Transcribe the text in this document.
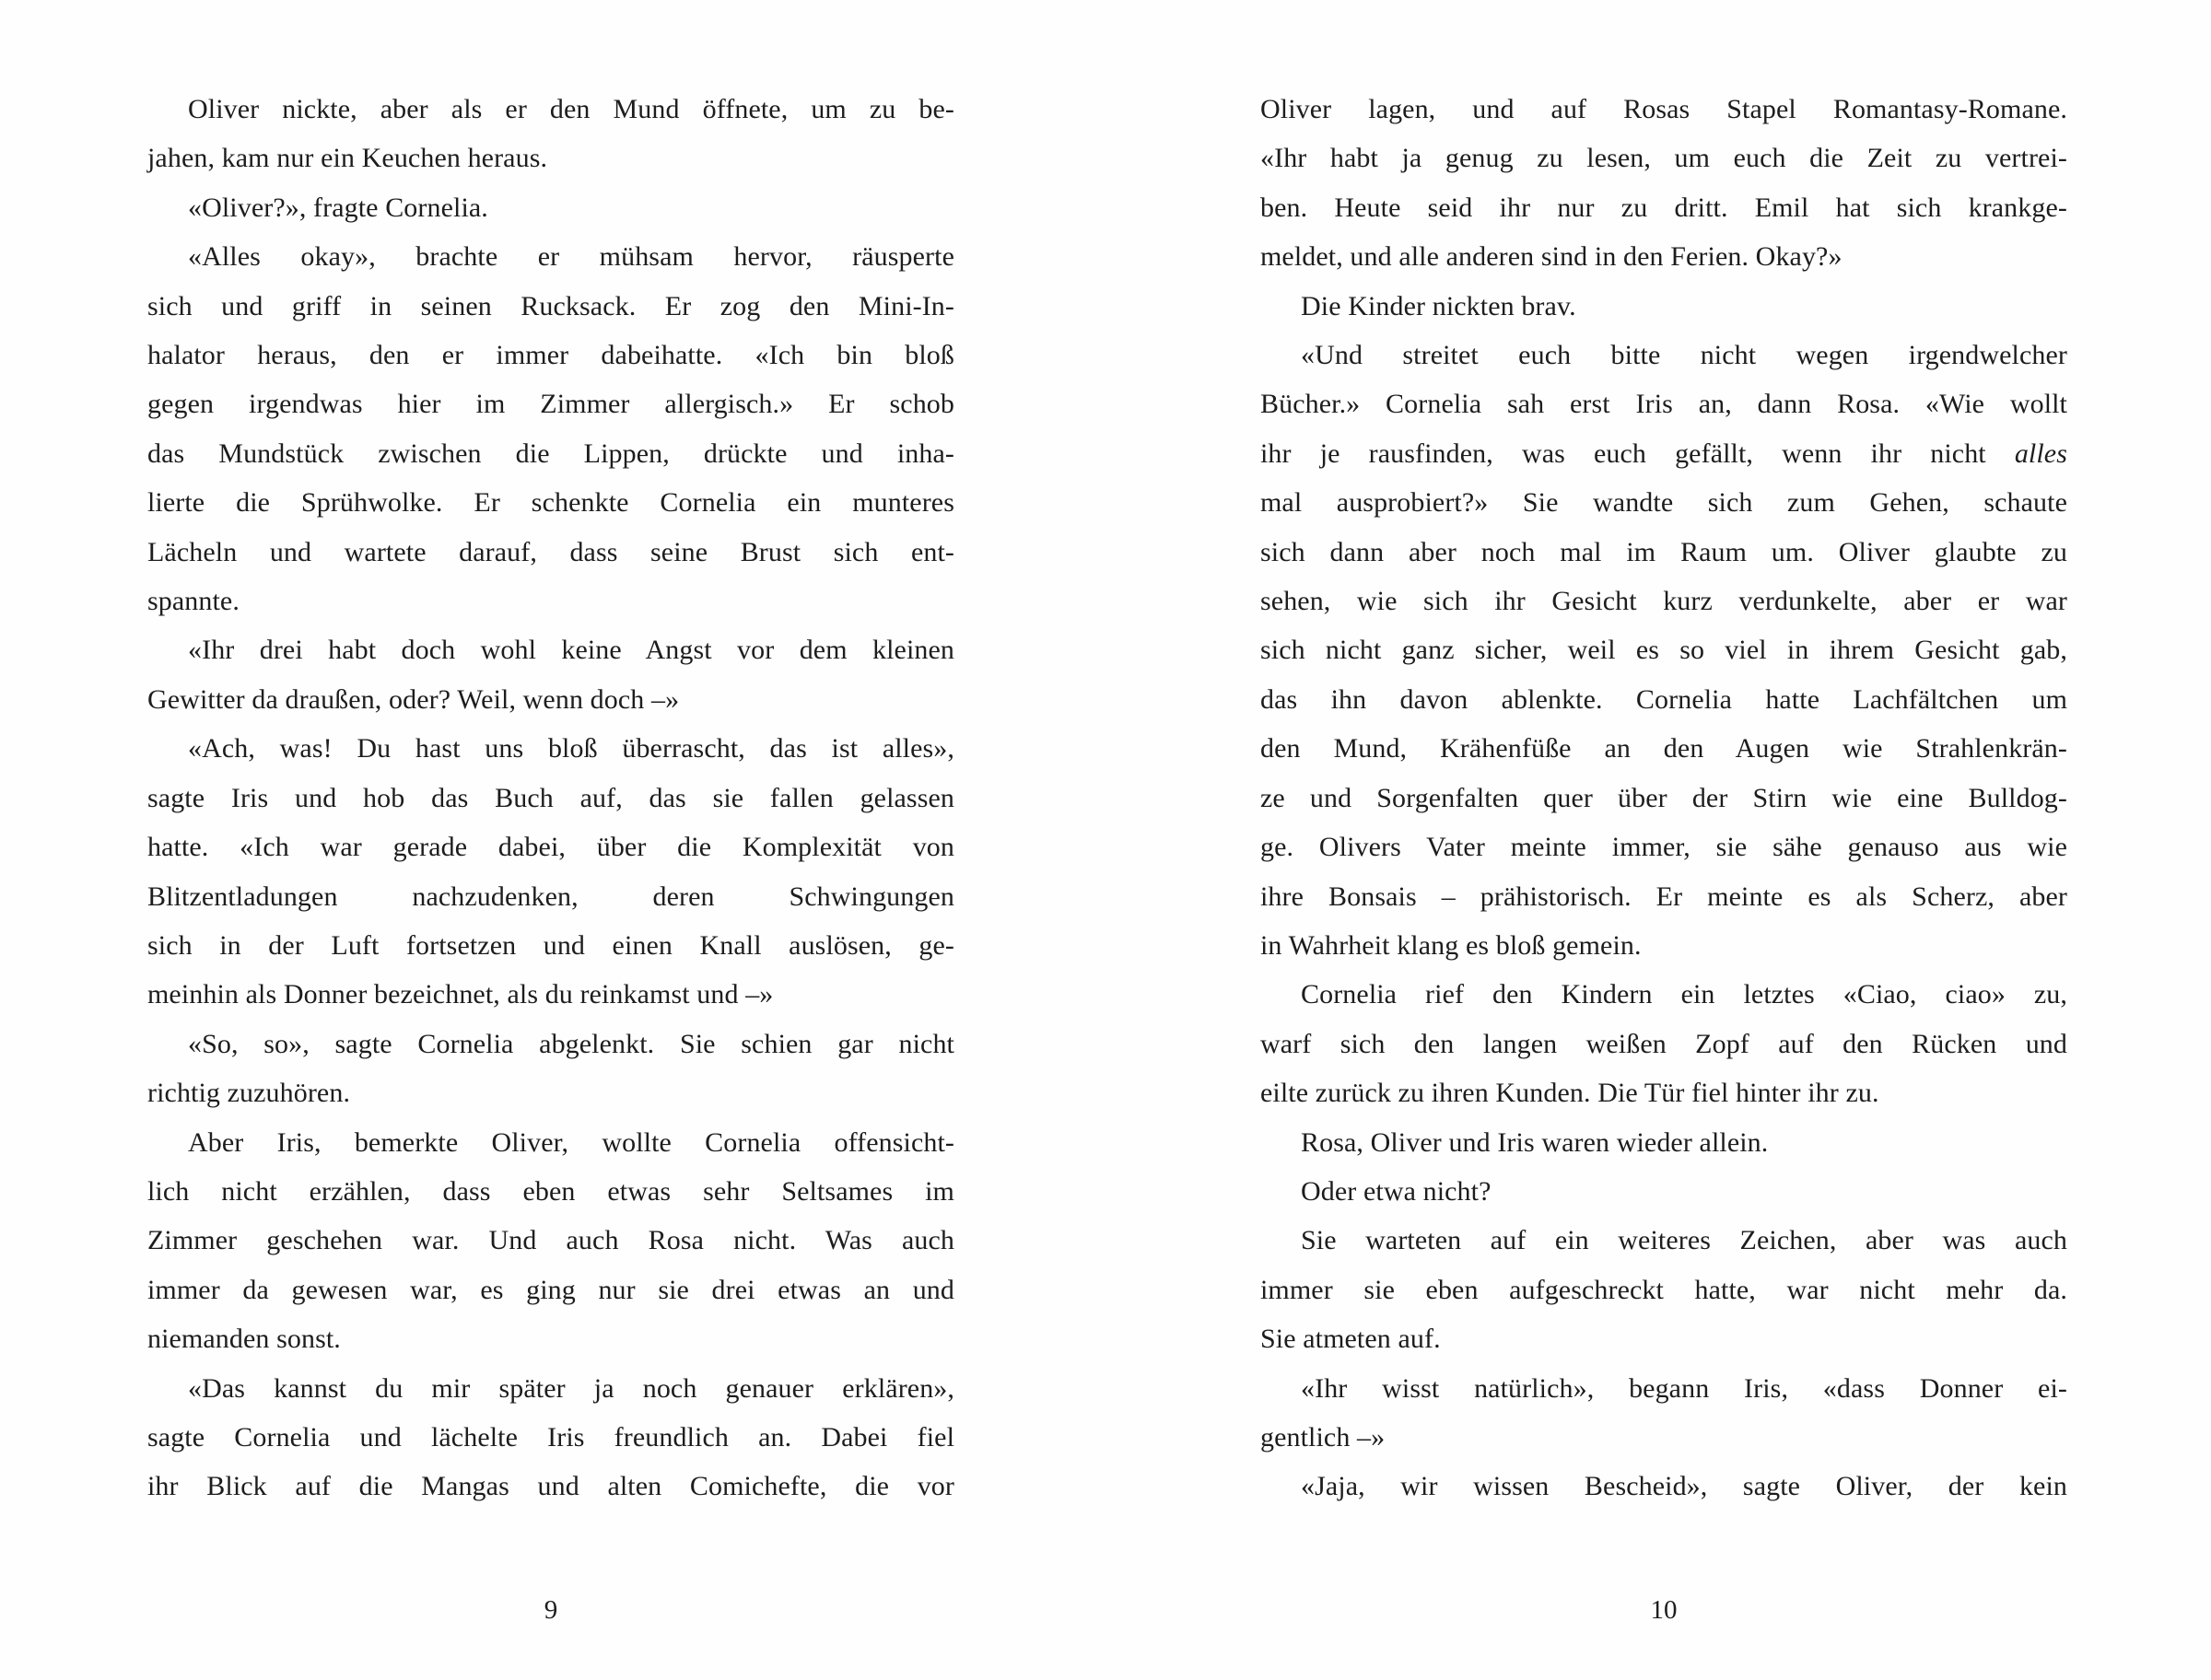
Oliver nickte, aber als er den Mund öffnete, um zu be-
jahen, kam nur ein Keuchen heraus.
«Oliver?», fragte Cornelia.
«Alles okay», brachte er mühsam hervor, räusperte
sich und griff in seinen Rucksack. Er zog den Mini-In-
halator heraus, den er immer dabeihatte. «Ich bin bloß
gegen irgendwas hier im Zimmer allergisch.» Er schob
das Mundstück zwischen die Lippen, drückte und inha-
lierte die Sprühwolke. Er schenkte Cornelia ein munteres
Lächeln und wartete darauf, dass seine Brust sich ent-
spannte.
«Ihr drei habt doch wohl keine Angst vor dem kleinen
Gewitter da draußen, oder? Weil, wenn doch –»
«Ach, was! Du hast uns bloß überrascht, das ist alles»,
sagte Iris und hob das Buch auf, das sie fallen gelassen
hatte. «Ich war gerade dabei, über die Komplexität von
Blitzentladungen nachzudenken, deren Schwingungen
sich in der Luft fortsetzen und einen Knall auslösen, ge-
meinhin als Donner bezeichnet, als du reinkamst und –»
«So, so», sagte Cornelia abgelenkt. Sie schien gar nicht
richtig zuzuhören.
Aber Iris, bemerkte Oliver, wollte Cornelia offensicht-
lich nicht erzählen, dass eben etwas sehr Seltsames im
Zimmer geschehen war. Und auch Rosa nicht. Was auch
immer da gewesen war, es ging nur sie drei etwas an und
niemanden sonst.
«Das kannst du mir später ja noch genauer erklären»,
sagte Cornelia und lächelte Iris freundlich an. Dabei fiel
ihr Blick auf die Mangas und alten Comichefte, die vor
9
Oliver lagen, und auf Rosas Stapel Romantasy-Romane.
«Ihr habt ja genug zu lesen, um euch die Zeit zu vertrei-
ben. Heute seid ihr nur zu dritt. Emil hat sich krankge-
meldet, und alle anderen sind in den Ferien. Okay?»
Die Kinder nickten brav.
«Und streitet euch bitte nicht wegen irgendwelcher
Bücher.» Cornelia sah erst Iris an, dann Rosa. «Wie wollt
ihr je rausfinden, was euch gefällt, wenn ihr nicht alles
mal ausprobiert?» Sie wandte sich zum Gehen, schaute
sich dann aber noch mal im Raum um. Oliver glaubte zu
sehen, wie sich ihr Gesicht kurz verdunkelte, aber er war
sich nicht ganz sicher, weil es so viel in ihrem Gesicht gab,
das ihn davon ablenkte. Cornelia hatte Lachfältchen um
den Mund, Krähenfüße an den Augen wie Strahlenkrän-
ze und Sorgenfalten quer über der Stirn wie eine Bulldog-
ge. Olivers Vater meinte immer, sie sähe genauso aus wie
ihre Bonsais – prähistorisch. Er meinte es als Scherz, aber
in Wahrheit klang es bloß gemein.
Cornelia rief den Kindern ein letztes «Ciao, ciao» zu,
warf sich den langen weißen Zopf auf den Rücken und
eilte zurück zu ihren Kunden. Die Tür fiel hinter ihr zu.
Rosa, Oliver und Iris waren wieder allein.
Oder etwa nicht?
Sie warteten auf ein weiteres Zeichen, aber was auch
immer sie eben aufgeschreckt hatte, war nicht mehr da.
Sie atmeten auf.
«Ihr wisst natürlich», begann Iris, «dass Donner ei-
gentlich –»
«Jaja, wir wissen Bescheid», sagte Oliver, der kein
10
